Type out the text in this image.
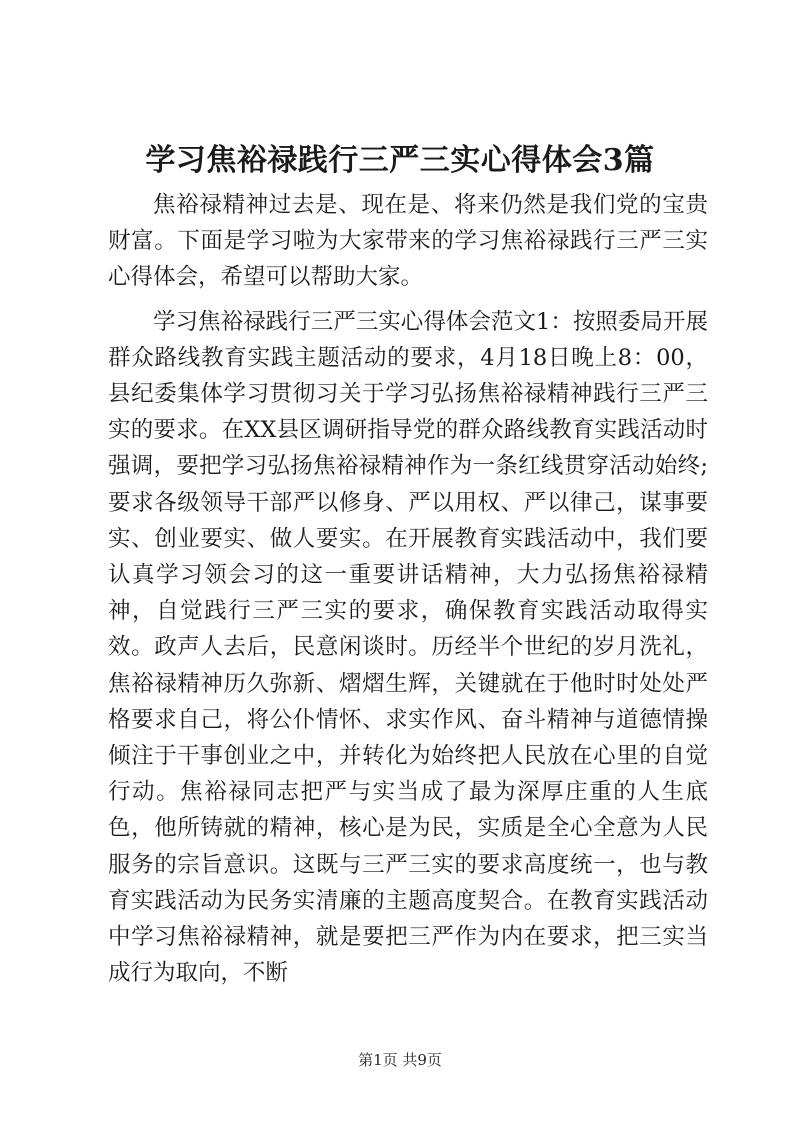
学习焦裕禄践行三严三实心得体会3篇

焦裕禄精神过去是、现在是、将来仍然是我们党的宝贵财富。下面是学习啦为大家带来的学习焦裕禄践行三严三实心得体会，希望可以帮助大家。

学习焦裕禄践行三严三实心得体会范文1：按照委局开展群众路线教育实践主题活动的要求，4月18日晚上8：00，县纪委集体学习贯彻习关于学习弘扬焦裕禄精神践行三严三实的要求。在XX县区调研指导党的群众路线教育实践活动时强调，要把学习弘扬焦裕禄精神作为一条红线贯穿活动始终;要求各级领导干部严以修身、严以用权、严以律己，谋事要实、创业要实、做人要实。在开展教育实践活动中，我们要认真学习领会习的这一重要讲话精神，大力弘扬焦裕禄精神，自觉践行三严三实的要求，确保教育实践活动取得实效。政声人去后，民意闲谈时。历经半个世纪的岁月洗礼，焦裕禄精神历久弥新、熠熠生辉，关键就在于他时时处处严格要求自己，将公仆情怀、求实作风、奋斗精神与道德情操倾注于干事创业之中，并转化为始终把人民放在心里的自觉行动。焦裕禄同志把严与实当成了最为深厚庄重的人生底色，他所铸就的精神，核心是为民，实质是全心全意为人民服务的宗旨意识。这既与三严三实的要求高度统一，也与教育实践活动为民务实清廉的主题高度契合。在教育实践活动中学习焦裕禄精神，就是要把三严作为内在要求，把三实当成行为取向，不断

第1页 共9页
